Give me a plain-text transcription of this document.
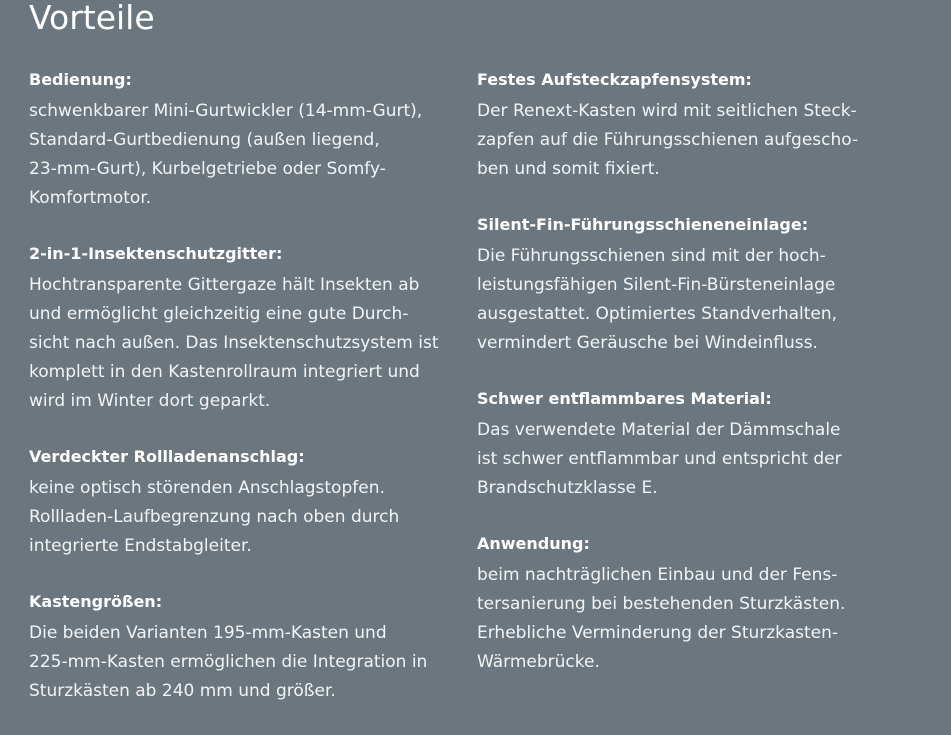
Vorteile
Bedienung:
schwenkbarer Mini-Gurtwickler (14-mm-Gurt),
Standard-Gurtbedienung (außen liegend,
23-mm-Gurt), Kurbelgetriebe oder Somfy-
Komfortmotor.
2-in-1-Insektenschutzgitter:
Hochtransparente Gittergaze hält Insekten ab
und ermöglicht gleichzeitig eine gute Durch-
sicht nach außen. Das Insektenschutzsystem ist
komplett in den Kastenrollraum integriert und
wird im Winter dort geparkt.
Verdeckter Rollladenanschlag:
keine optisch störenden Anschlagstopfen.
Rollladen-Laufbegrenzung nach oben durch
integrierte Endstabgleiter.
Kastengrößen:
Die beiden Varianten 195-mm-Kasten und
225-mm-Kasten ermöglichen die Integration in
Sturzkästen ab 240 mm und größer.
Festes Aufsteckzapfensystem:
Der Renext-Kasten wird mit seitlichen Steck-
zapfen auf die Führungsschienen aufgescho-
ben und somit fixiert.
Silent-Fin-Führungsschieneneinlage:
Die Führungsschienen sind mit der hoch-
leistungsfähigen Silent-Fin-Bürsteneinlage
ausgestattet. Optimiertes Standverhalten,
vermindert Geräusche bei Windeinfluss.
Schwer entflammbares Material:
Das verwendete Material der Dämmschale
ist schwer entflammbar und entspricht der
Brandschutzklasse E.
Anwendung:
beim nachträglichen Einbau und der Fens-
tersanierung bei bestehenden Sturzkästen.
Erhebliche Verminderung der Sturzkasten-
Wärmebrücke.
